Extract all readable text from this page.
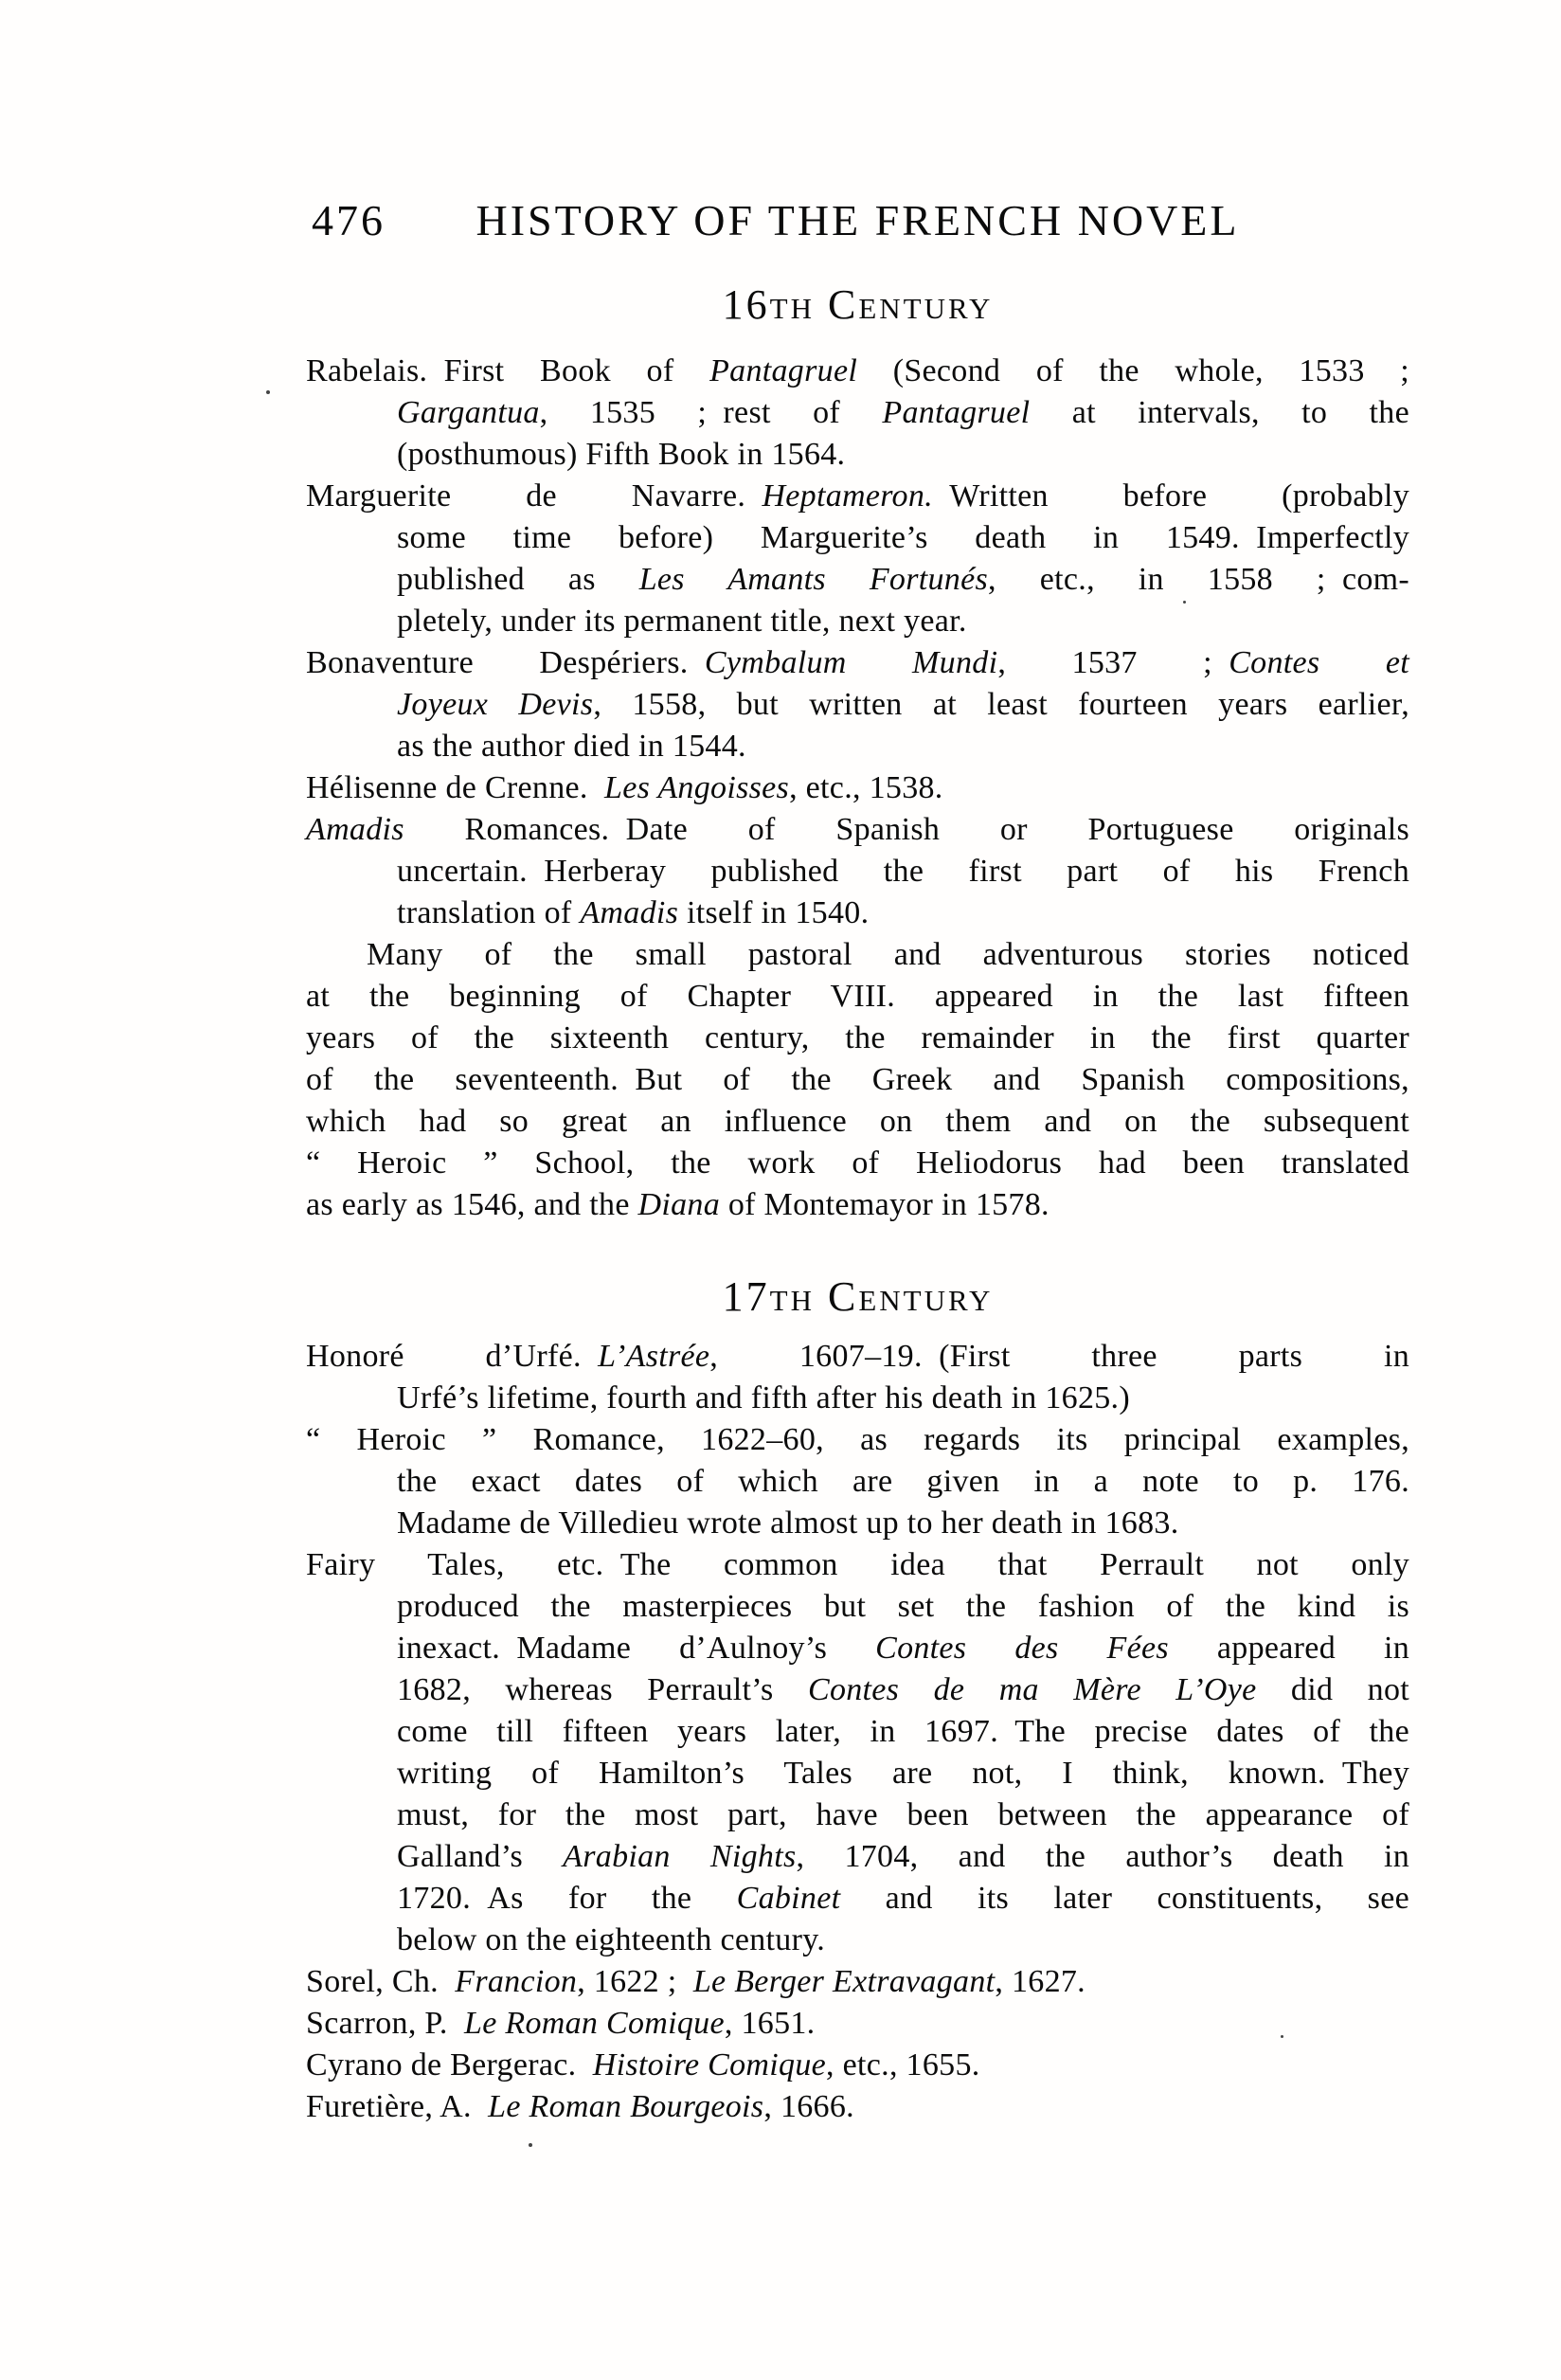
476	HISTORY OF THE FRENCH NOVEL
16th Century
Rabelais. First Book of Pantagruel (Second of the whole, 1533 ;
Gargantua, 1535 ; rest of Pantagruel at intervals, to the
(posthumous) Fifth Book in 1564.
Marguerite de Navarre. Heptameron. Written before (probably
some time before) Marguerite’s death in 1549. Imperfectly
published as Les Amants Fortunés, etc., in 1558 ; com-
pletely, under its permanent title, next year.
Bonaventure Despériers. Cymbalum Mundi, 1537 ; Contes et
Joyeux Devis, 1558, but written at least fourteen years earlier,
as the author died in 1544.
Hélisenne de Crenne. Les Angoisses, etc., 1538.
Amadis Romances. Date of Spanish or Portuguese originals
uncertain. Herberay published the first part of his French
translation of Amadis itself in 1540.
Many of the small pastoral and adventurous stories noticed
at the beginning of Chapter VIII. appeared in the last fifteen
years of the sixteenth century, the remainder in the first quarter
of the seventeenth. But of the Greek and Spanish compositions,
which had so great an influence on them and on the subsequent
“ Heroic ” School, the work of Heliodorus had been translated
as early as 1546, and the Diana of Montemayor in 1578.
17th Century
Honoré d’Urfé. L’Astrée, 1607–19. (First three parts in
Urfé’s lifetime, fourth and fifth after his death in 1625.)
“ Heroic ” Romance, 1622–60, as regards its principal examples,
the exact dates of which are given in a note to p. 176.
Madame de Villedieu wrote almost up to her death in 1683.
Fairy Tales, etc. The common idea that Perrault not only
produced the masterpieces but set the fashion of the kind is
inexact. Madame d’Aulnoy’s Contes des Fées appeared in
1682, whereas Perrault’s Contes de ma Mère L’Oye did not
come till fifteen years later, in 1697. The precise dates of the
writing of Hamilton’s Tales are not, I think, known. They
must, for the most part, have been between the appearance of
Galland’s Arabian Nights, 1704, and the author’s death in
1720. As for the Cabinet and its later constituents, see
below on the eighteenth century.
Sorel, Ch. Francion, 1622 ; Le Berger Extravagant, 1627.
Scarron, P. Le Roman Comique, 1651.
Cyrano de Bergerac. Histoire Comique, etc., 1655.
Furetière, A. Le Roman Bourgeois, 1666.
